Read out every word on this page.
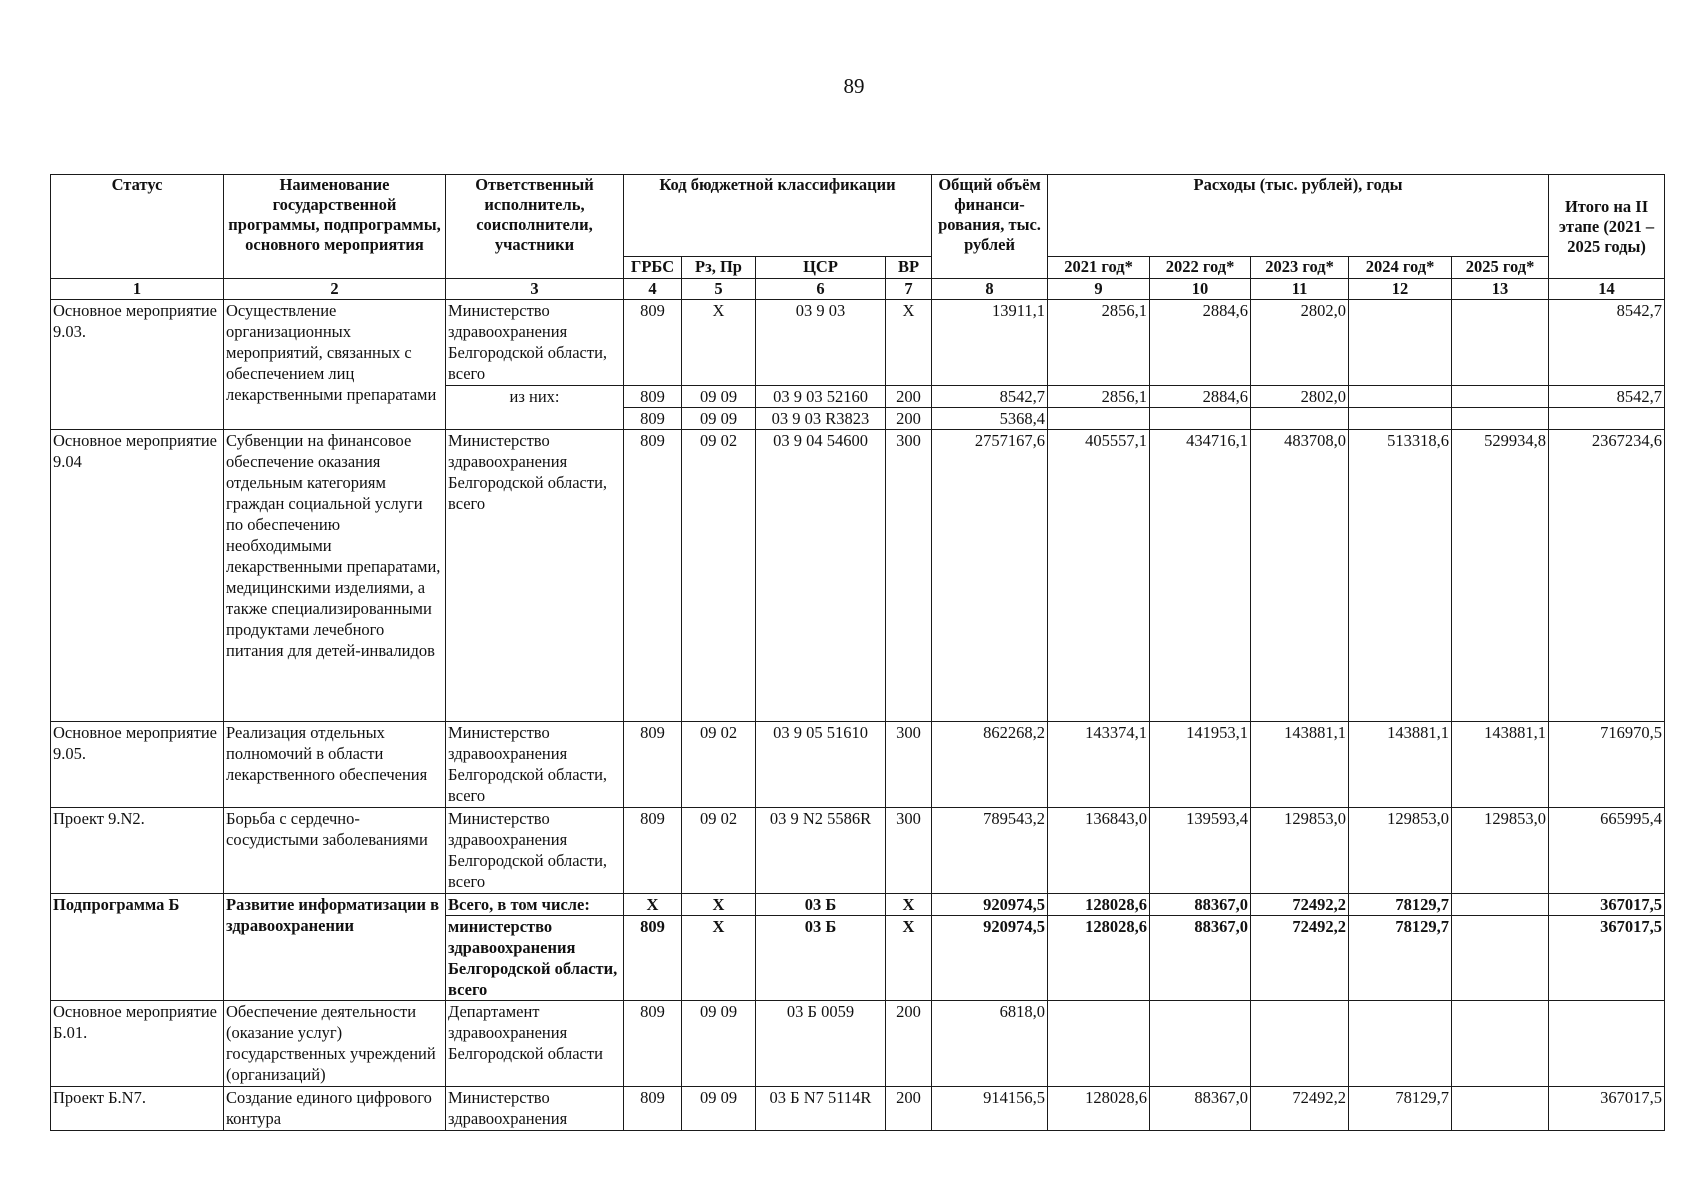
89
Статус	Наименование государственной программы, подпрограммы, основного мероприятия	Ответственный исполнитель, соисполнители, участники	Код бюджетной классификации				Общий объём финанси-рования, тыс. рублей	Расходы (тыс. рублей), годы					Итого на II этапе (2021 – 2025 годы)
			ГРБС	Рз, Пр	ЦСР	ВР		2021 год*	2022 год*	2023 год*	2024 год*	2025 год*	
1	2	3	4	5	6	7	8	9	10	11	12	13	14
Основное мероприятие 9.03.	Осуществление организационных мероприятий, связанных с обеспечением лиц лекарственными препаратами	Министерство здравоохранения Белгородской области, всего	809	Х	03 9 03	Х	13911,1	2856,1	2884,6	2802,0			8542,7
		из них:	809	09 09	03 9 03 52160	200	8542,7	2856,1	2884,6	2802,0			8542,7
			809	09 09	03 9 03 R3823	200	5368,4						
Основное мероприятие 9.04	Субвенции на финансовое обеспечение оказания отдельным категориям граждан социальной услуги по обеспечению необходимыми лекарственными препаратами, медицинскими изделиями, а также специализированными продуктами лечебного питания для детей-инвалидов	Министерство здравоохранения Белгородской области, всего	809	09 02	03 9 04 54600	300	2757167,6	405557,1	434716,1	483708,0	513318,6	529934,8	2367234,6
Основное мероприятие 9.05.	Реализация отдельных полномочий в области лекарственного обеспечения	Министерство здравоохранения Белгородской области, всего	809	09 02	03 9 05 51610	300	862268,2	143374,1	141953,1	143881,1	143881,1	143881,1	716970,5
Проект 9.N2.	Борьба с сердечно-сосудистыми заболеваниями	Министерство здравоохранения Белгородской области, всего	809	09 02	03 9 N2 5586R	300	789543,2	136843,0	139593,4	129853,0	129853,0	129853,0	665995,4
Подпрограмма Б	Развитие информатизации в здравоохранении	Всего, в том числе:	Х	Х	03 Б	Х	920974,5	128028,6	88367,0	72492,2	78129,7		367017,5
		министерство здравоохранения Белгородской области, всего	809	Х	03 Б	Х	920974,5	128028,6	88367,0	72492,2	78129,7		367017,5
Основное мероприятие Б.01.	Обеспечение деятельности (оказание услуг) государственных учреждений (организаций)	Департамент здравоохранения Белгородской области	809	09 09	03 Б 0059	200	6818,0						
Проект Б.N7.	Создание единого цифрового контура	Министерство здравоохранения	809	09 09	03 Б N7 5114R	200	914156,5	128028,6	88367,0	72492,2	78129,7		367017,5
